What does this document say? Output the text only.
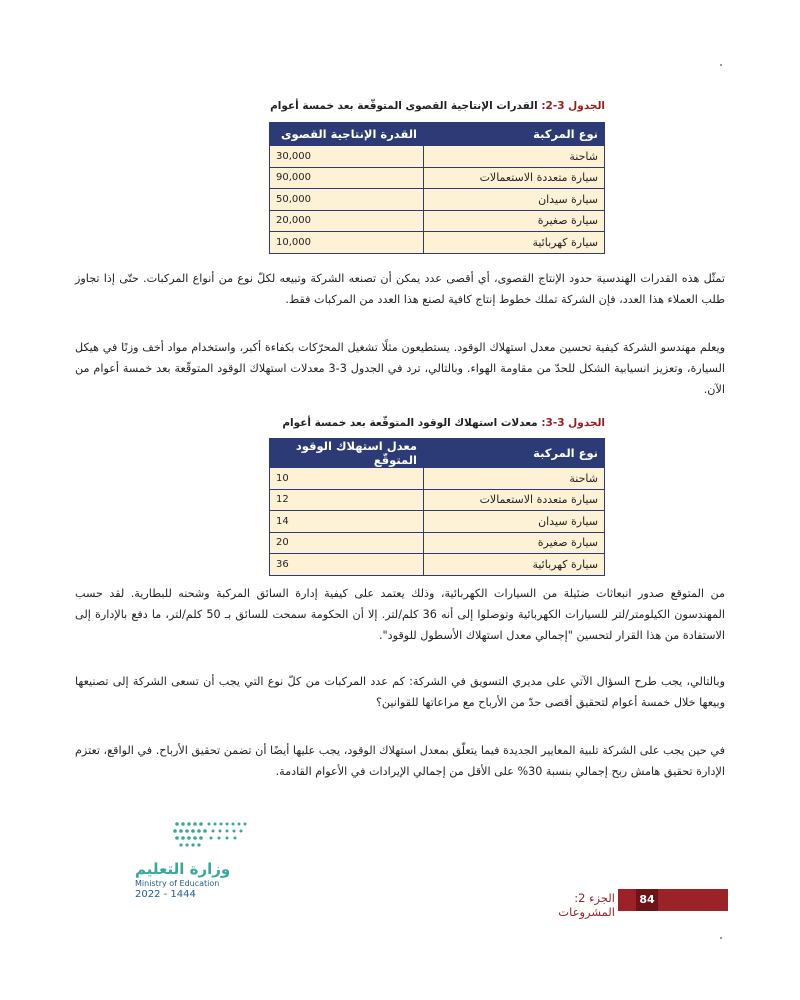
الجدول 3-2: القدرات الإنتاجية القصوى المتوقّعة بعد خمسة أعوام
نوع المركبة	القدرة الإنتاجية القصوى
شاحنة	30,000
سيارة متعددة الاستعمالات	90,000
سيارة سيدان	50,000
سيارة صغيرة	20,000
سيارة كهربائية	10,000

تمثّل هذه القدرات الهندسية حدود الإنتاج القصوى، أي أقصى عدد يمكن أن تصنعه الشركة وتبيعه لكلّ نوع من أنواع المركبات. حتّى إذا تجاوز طلب العملاء هذا العدد، فإن الشركة تملك خطوط إنتاج كافية لصنع هذا العدد من المركبات فقط.

ويعلم مهندسو الشركة كيفية تحسين معدل استهلاك الوقود. يستطيعون مثلًا تشغيل المحرّكات بكفاءة أكبر، واستخدام مواد أخف وزنًا في هيكل السيارة، وتعزيز انسيابية الشكل للحدّ من مقاومة الهواء. وبالتالي، ترد في الجدول 3-3 معدلات استهلاك الوقود المتوقّعة بعد خمسة أعوام من الآن.

الجدول 3-3: معدلات استهلاك الوقود المتوقّعة بعد خمسة أعوام
نوع المركبة	معدل استهلاك الوقود المتوقّع
شاحنة	10
سيارة متعددة الاستعمالات	12
سيارة سيدان	14
سيارة صغيرة	20
سيارة كهربائية	36

من المتوقع صدور انبعاثات ضئيلة من السيارات الكهربائية، وذلك يعتمد على كيفية إدارة السائق المركبة وشحنه للبطارية. لقد حسب المهندسون الكيلومتر/لتر للسيارات الكهربائية وتوصلوا إلى أنه 36 كلم/لتر. إلا أن الحكومة سمحت للسائق بـ 50 كلم/لتر، ما دفع بالإدارة إلى الاستفادة من هذا القرار لتحسين "إجمالي معدل استهلاك الأسطول للوقود".

وبالتالي، يجب طرح السؤال الآتي على مديري التسويق في الشركة: كم عدد المركبات من كلّ نوع التي يجب أن تسعى الشركة إلى تصنيعها وبيعها خلال خمسة أعوام لتحقيق أقصى حدّ من الأرباح مع مراعاتها للقوانين؟

في حين يجب على الشركة تلبية المعايير الجديدة فيما يتعلّق بمعدل استهلاك الوقود، يجب عليها أيضًا أن تضمن تحقيق الأرباح. في الواقع، تعتزم الإدارة تحقيق هامش ربح إجمالي بنسبة 30% على الأقل من إجمالي الإيرادات في الأعوام القادمة.

وزارة التعليم
Ministry of Education
2022 - 1444	84
الجزء 2: المشروعات
